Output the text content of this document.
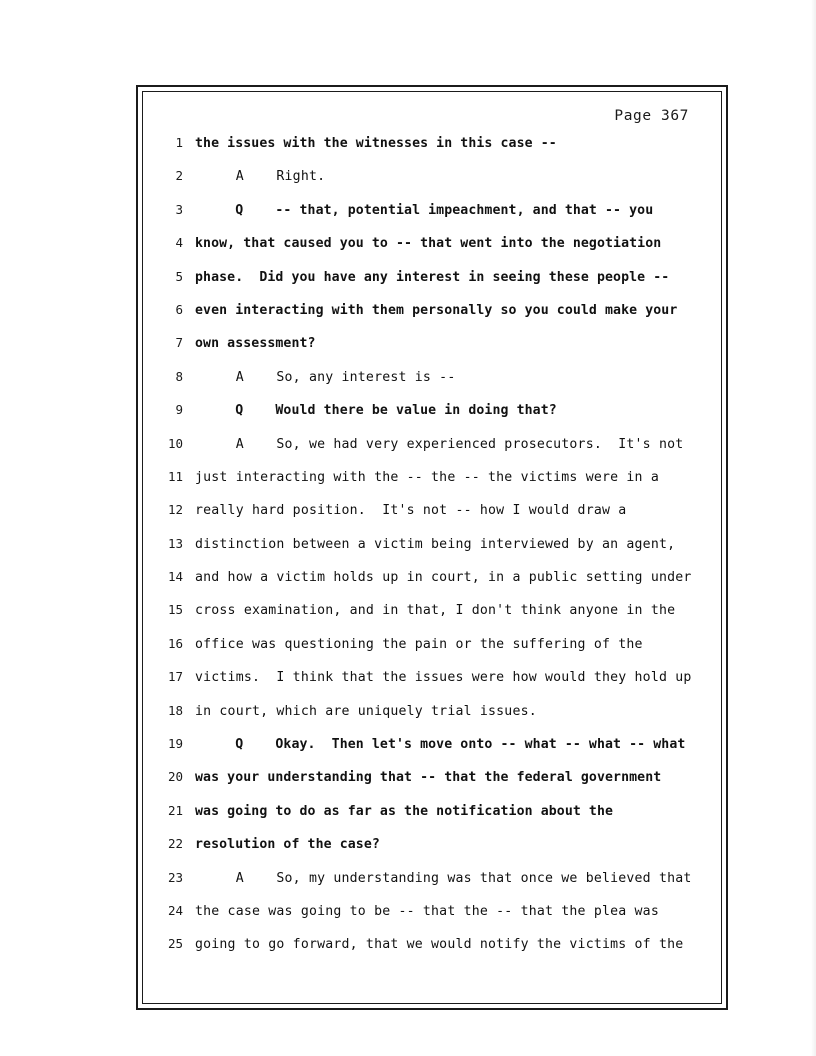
Page 367
1 the issues with the witnesses in this case --
2 A    Right.
3 Q    -- that, potential impeachment, and that -- you
4 know, that caused you to -- that went into the negotiation
5 phase.  Did you have any interest in seeing these people --
6 even interacting with them personally so you could make your
7 own assessment?
8 A    So, any interest is --
9 Q    Would there be value in doing that?
10 A    So, we had very experienced prosecutors.  It's not
11 just interacting with the -- the -- the victims were in a
12 really hard position.  It's not -- how I would draw a
13 distinction between a victim being interviewed by an agent,
14 and how a victim holds up in court, in a public setting under
15 cross examination, and in that, I don't think anyone in the
16 office was questioning the pain or the suffering of the
17 victims.  I think that the issues were how would they hold up
18 in court, which are uniquely trial issues.
19 Q    Okay.  Then let's move onto -- what -- what -- what
20 was your understanding that -- that the federal government
21 was going to do as far as the notification about the
22 resolution of the case?
23 A    So, my understanding was that once we believed that
24 the case was going to be -- that the -- that the plea was
25 going to go forward, that we would notify the victims of the
